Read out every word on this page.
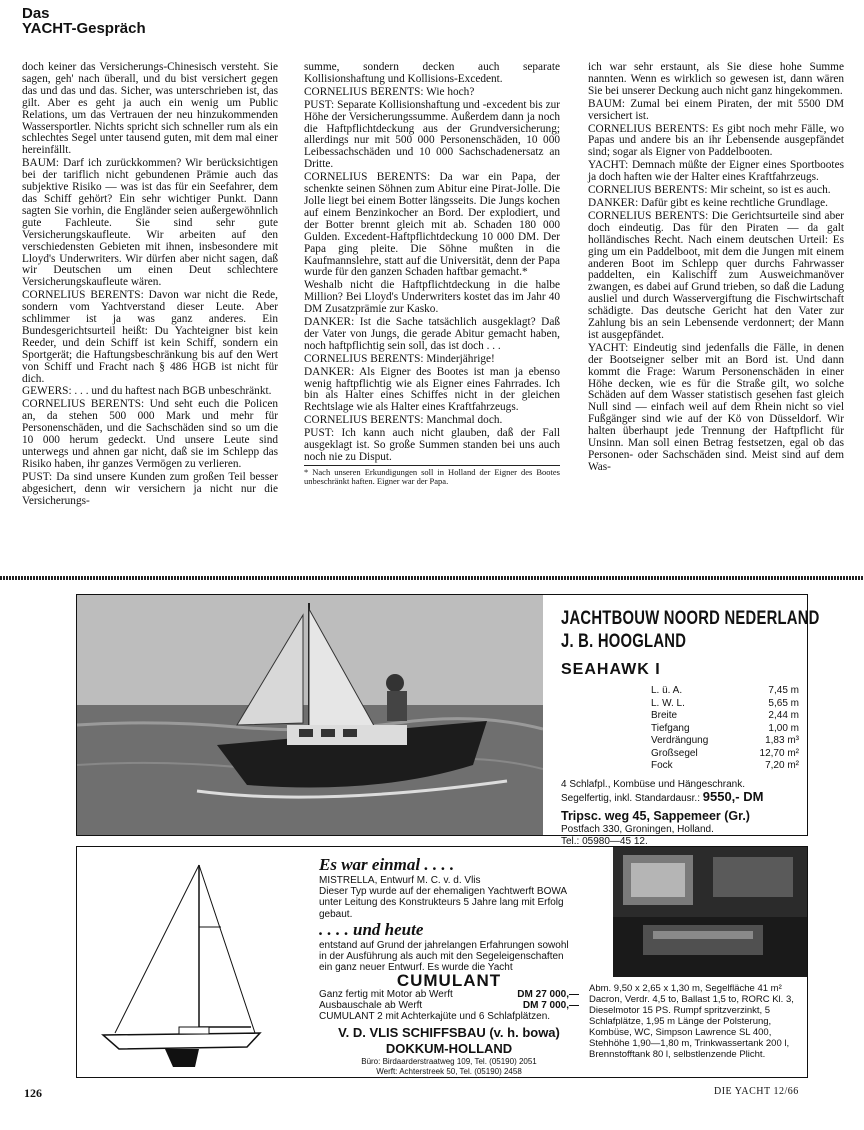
Das
YACHT-Gespräch

doch keiner das Versicherungs-Chinesisch versteht. Sie sagen, geh' nach überall, und du bist versichert gegen das und das und das. Sicher, was unterschrieben ist, das gilt. Aber es geht ja auch ein wenig um Public Relations, um das Vertrauen der neu hinzukommenden Wassersportler. Nichts spricht sich schneller rum als ein schlechtes Segel unter tausend guten, mit dem mal einer hereinfällt.

BAUM: Darf ich zurückkommen? Wir berücksichtigen bei der tariflich nicht gebundenen Prämie auch das subjektive Risiko — was ist das für ein Seefahrer, dem das Schiff gehört? Ein sehr wichtiger Punkt. Dann sagten Sie vorhin, die Engländer seien außergewöhnlich gute Fachleute. Sie sind sehr gute Versicherungskaufleute. Wir arbeiten auf den verschiedensten Gebieten mit ihnen, insbesondere mit Lloyd's Underwriters. Wir dürfen aber nicht sagen, daß wir Deutschen um einen Deut schlechtere Versicherungskaufleute wären.

CORNELIUS BERENTS: Davon war nicht die Rede, sondern vom Yachtverstand dieser Leute. Aber schlimmer ist ja was ganz anderes. Ein Bundesgerichtsurteil heißt: Du Yachteigner bist kein Reeder, und dein Schiff ist kein Schiff, sondern ein Sportgerät; die Haftungsbeschränkung bis auf den Wert von Schiff und Fracht nach § 486 HGB ist nicht für dich.

GEWERS: . . . und du haftest nach BGB unbeschränkt.

CORNELIUS BERENTS: Und seht euch die Policen an, da stehen 500 000 Mark und mehr für Personenschäden, und die Sachschäden sind so um die 10 000 herum gedeckt. Und unsere Leute sind unterwegs und ahnen gar nicht, daß sie im Schlepp das Risiko haben, ihr ganzes Vermögen zu verlieren.

PUST: Da sind unsere Kunden zum großen Teil besser abgesichert, denn wir versichern ja nicht nur die Versicherungs-

summe, sondern decken auch separate Kollisionshaftung und Kollisions-Excedent.

CORNELIUS BERENTS: Wie hoch?

PUST: Separate Kollisionshaftung und -excedent bis zur Höhe der Versicherungssumme. Außerdem dann ja noch die Haftpflichtdeckung aus der Grundversicherung; allerdings nur mit 500 000 Personenschäden, 10 000 Leibessachschäden und 10 000 Sachschadenersatz an Dritte.

CORNELIUS BERENTS: Da war ein Papa, der schenkte seinen Söhnen zum Abitur eine Pirat-Jolle. Die Jolle liegt bei einem Botter längsseits. Die Jungs kochen auf einem Benzinkocher an Bord. Der explodiert, und der Botter brennt gleich mit ab. Schaden 180 000 Gulden. Excedent-Haftpflichtdeckung 10 000 DM. Der Papa ging pleite. Die Söhne mußten in die Kaufmannslehre, statt auf die Universität, denn der Papa wurde für den ganzen Schaden haftbar gemacht.*

Weshalb nicht die Haftpflichtdeckung in die halbe Million? Bei Lloyd's Underwriters kostet das im Jahr 40 DM Zusatzprämie zur Kasko.

DANKER: Ist die Sache tatsächlich ausgeklagt? Daß der Vater von Jungs, die gerade Abitur gemacht haben, noch haftpflichtig sein soll, das ist doch . . .

CORNELIUS BERENTS: Minderjährige!

DANKER: Als Eigner des Bootes ist man ja ebenso wenig haftpflichtig wie als Eigner eines Fahrrades. Ich bin als Halter eines Schiffes nicht in der gleichen Rechtslage wie als Halter eines Kraftfahrzeugs.

CORNELIUS BERENTS: Manchmal doch.

PUST: Ich kann auch nicht glauben, daß der Fall ausgeklagt ist. So große Summen standen bei uns auch noch nie zu Disput.

* Nach unseren Erkundigungen soll in Holland der Eigner des Bootes unbeschränkt haften. Eigner war der Papa.

ich war sehr erstaunt, als Sie diese hohe Summe nannten. Wenn es wirklich so gewesen ist, dann wären Sie bei unserer Deckung auch nicht ganz hingekommen.

BAUM: Zumal bei einem Piraten, der mit 5500 DM versichert ist.

CORNELIUS BERENTS: Es gibt noch mehr Fälle, wo Papas und andere bis an ihr Lebensende ausgepfändet sind; sogar als Eigner von Paddelbooten.

YACHT: Demnach müßte der Eigner eines Sportbootes ja doch haften wie der Halter eines Kraftfahrzeugs.

CORNELIUS BERENTS: Mir scheint, so ist es auch.

DANKER: Dafür gibt es keine rechtliche Grundlage.

CORNELIUS BERENTS: Die Gerichtsurteile sind aber doch eindeutig. Das für den Piraten — da galt holländisches Recht. Nach einem deutschen Urteil: Es ging um ein Paddelboot, mit dem die Jungen mit einem anderen Boot im Schlepp quer durchs Fahrwasser paddelten, ein Kalischiff zum Ausweichmanöver zwangen, es dabei auf Grund trieben, so daß die Ladung ausliel und durch Wasservergiftung die Fischwirtschaft schädigte. Das deutsche Gericht hat den Vater zur Zahlung bis an sein Lebensende verdonnert; der Mann ist ausgepfändet.

YACHT: Eindeutig sind jedenfalls die Fälle, in denen der Bootseigner selber mit an Bord ist. Und dann kommt die Frage: Warum Personenschäden in einer Höhe decken, wie es für die Straße gilt, wo solche Schäden auf dem Wasser statistisch gesehen fast gleich Null sind — einfach weil auf dem Rhein nicht so viel Fußgänger sind wie auf der Kö von Düsseldorf. Wir halten überhaupt jede Trennung der Haftpflicht für Unsinn. Man soll einen Betrag festsetzen, egal ob das Personen- oder Sachschäden sind. Meist sind auf dem Was-

JACHTBOUW NOORD NEDERLAND
J. B. HOOGLAND
SEAHAWK I
L. ü. A.	7,45 m
L. W. L.	5,65 m
Breite	2,44 m
Tiefgang	1,00 m
Verdrängung	1,83 m³
Großsegel	12,70 m²
Fock	7,20 m²
4 Schlafpl., Kombüse und Hängeschrank.
Segelfertig, inkl. Standardausr.: 9550,- DM
Tripsc. weg 45, Sappemeer (Gr.)
Postfach 330, Groningen, Holland.
Tel.: 05980—45 12.
Es war einmal . . . .
MISTRELLA, Entwurf M. C. v. d. Vlis
Dieser Typ wurde auf der ehemaligen Yachtwerft BOWA unter Leitung des Konstrukteurs 5 Jahre lang mit Erfolg gebaut.
. . . . und heute
entstand auf Grund der jahrelangen Erfahrungen sowohl in der Ausführung als auch mit den Segeleigenschaften ein ganz neuer Entwurf. Es wurde die Yacht
CUMULANT
Ganz fertig mit Motor ab Werft	DM 27 000,—
Ausbauschale ab Werft	DM 7 000,—
CUMULANT 2 mit Achterkajüte und 6 Schlafplätzen.
V. D. VLIS SCHIFFSBAU (v. h. bowa)
DOKKUM-HOLLAND
Büro: Birdaarderstraatweg 109, Tel. (05190) 2051
Werft: Achterstreek 50, Tel. (05190) 2458
Abm. 9,50 x 2,65 x 1,30 m, Segelfläche 41 m² Dacron, Verdr. 4,5 to, Ballast 1,5 to, RORC Kl. 3, Dieselmotor 15 PS. Rumpf spritzverzinkt, 5 Schlafplätze, 1,95 m Länge der Polsterung, Kombüse, WC, Simpson Lawrence SL 400, Stehhöhe 1,90—1,80 m, Trinkwassertank 200 l, Brennstofftank 80 l, selbstlenzende Plicht.
126	DIE YACHT 12/66
